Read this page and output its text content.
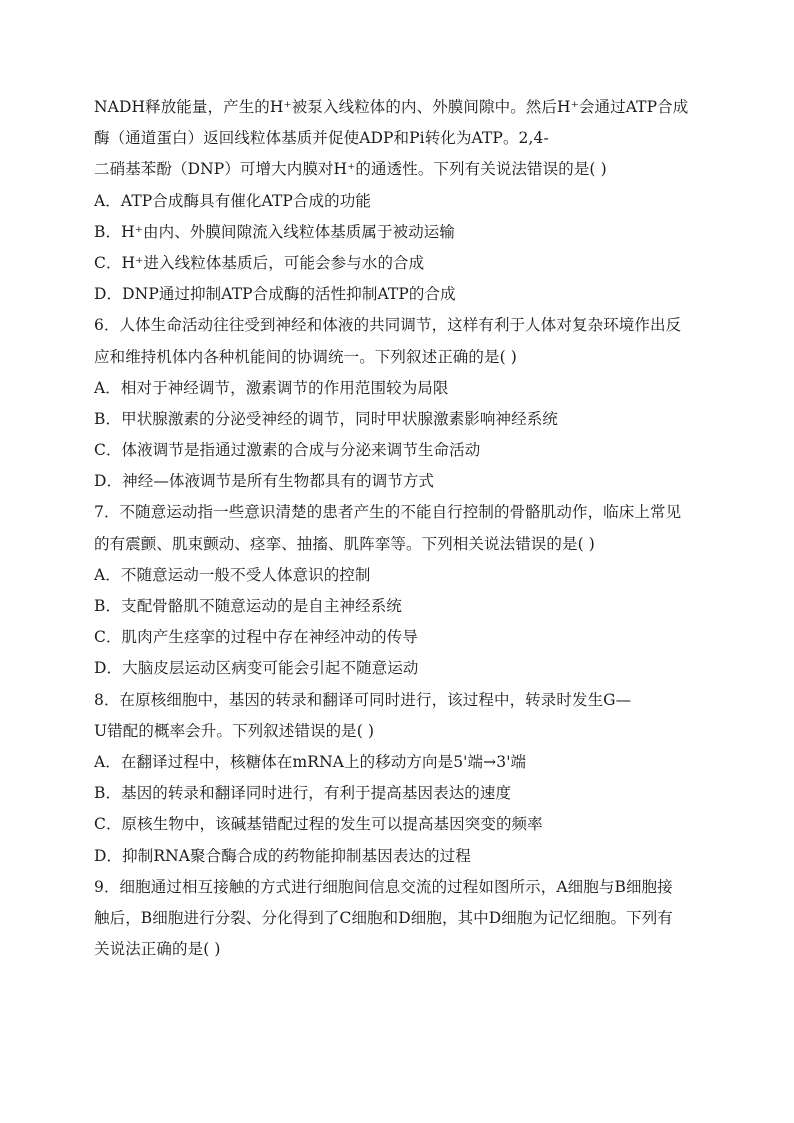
NADH释放能量，产生的H⁺被泵入线粒体的内、外膜间隙中。然后H⁺会通过ATP合成
酶（通道蛋白）返回线粒体基质并促使ADP和Pi转化为ATP。2,4-
二硝基苯酚（DNP）可增大内膜对H⁺的通透性。下列有关说法错误的是( )
A．ATP合成酶具有催化ATP合成的功能
B．H⁺由内、外膜间隙流入线粒体基质属于被动运输
C．H⁺进入线粒体基质后，可能会参与水的合成
D．DNP通过抑制ATP合成酶的活性抑制ATP的合成
6．人体生命活动往往受到神经和体液的共同调节，这样有利于人体对复杂环境作出反
应和维持机体内各种机能间的协调统一。下列叙述正确的是( )
A．相对于神经调节，激素调节的作用范围较为局限
B．甲状腺激素的分泌受神经的调节，同时甲状腺激素影响神经系统
C．体液调节是指通过激素的合成与分泌来调节生命活动
D．神经—体液调节是所有生物都具有的调节方式
7．不随意运动指一些意识清楚的患者产生的不能自行控制的骨骼肌动作，临床上常见
的有震颤、肌束颤动、痉挛、抽搐、肌阵挛等。下列相关说法错误的是( )
A．不随意运动一般不受人体意识的控制
B．支配骨骼肌不随意运动的是自主神经系统
C．肌肉产生痉挛的过程中存在神经冲动的传导
D．大脑皮层运动区病变可能会引起不随意运动
8．在原核细胞中，基因的转录和翻译可同时进行，该过程中，转录时发生G—
U错配的概率会升。下列叙述错误的是( )
A．在翻译过程中，核糖体在mRNA上的移动方向是5'端→3'端
B．基因的转录和翻译同时进行，有利于提高基因表达的速度
C．原核生物中，该碱基错配过程的发生可以提高基因突变的频率
D．抑制RNA聚合酶合成的药物能抑制基因表达的过程
9．细胞通过相互接触的方式进行细胞间信息交流的过程如图所示，A细胞与B细胞接
触后，B细胞进行分裂、分化得到了C细胞和D细胞，其中D细胞为记忆细胞。下列有
关说法正确的是( )
